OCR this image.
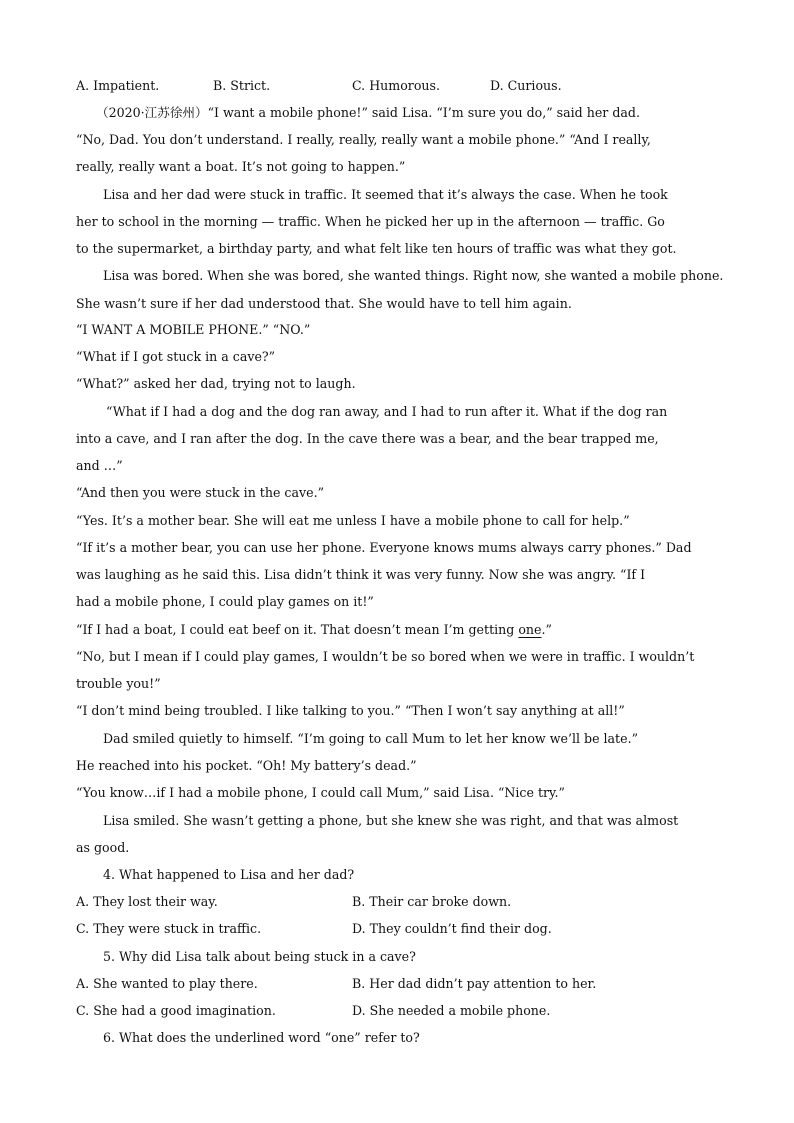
A. Impatient.	B. Strict.	C. Humorous.	D. Curious.
（2020·江苏徐州）“I want a mobile phone!” said Lisa. “I’m sure you do,” said her dad.
“No, Dad. You don’t understand. I really, really, really want a mobile phone.” “And I really,
really, really want a boat. It’s not going to happen.”
Lisa and her dad were stuck in traffic. It seemed that it’s always the case. When he took
her to school in the morning — traffic. When he picked her up in the afternoon — traffic. Go
to the supermarket, a birthday party, and what felt like ten hours of traffic was what they got.
Lisa was bored. When she was bored, she wanted things. Right now, she wanted a mobile phone.
She wasn’t sure if her dad understood that. She would have to tell him again.
“I WANT A MOBILE PHONE.” “NO.”
“What if I got stuck in a cave?”
“What?” asked her dad, trying not to laugh.
“What if I had a dog and the dog ran away, and I had to run after it. What if the dog ran
into a cave, and I ran after the dog. In the cave there was a bear, and the bear trapped me,
and …”
“And then you were stuck in the cave.”
“Yes. It’s a mother bear. She will eat me unless I have a mobile phone to call for help.”
“If it’s a mother bear, you can use her phone. Everyone knows mums always carry phones.” Dad
was laughing as he said this. Lisa didn’t think it was very funny. Now she was angry. “If I
had a mobile phone, I could play games on it!”
“If I had a boat, I could eat beef on it. That doesn’t mean I’m getting one.”
“No, but I mean if I could play games, I wouldn’t be so bored when we were in traffic. I wouldn’t
trouble you!”
“I don’t mind being troubled. I like talking to you.” “Then I won’t say anything at all!”
Dad smiled quietly to himself. “I’m going to call Mum to let her know we’ll be late.”
He reached into his pocket. “Oh! My battery’s dead.”
“You know…if I had a mobile phone, I could call Mum,” said Lisa. “Nice try.”
Lisa smiled. She wasn’t getting a phone, but she knew she was right, and that was almost
as good.
4. What happened to Lisa and her dad?
A. They lost their way.	B. Their car broke down.
C. They were stuck in traffic.	D. They couldn’t find their dog.
5. Why did Lisa talk about being stuck in a cave?
A. She wanted to play there.	B. Her dad didn’t pay attention to her.
C. She had a good imagination.	D. She needed a mobile phone.
6. What does the underlined word “one” refer to?
